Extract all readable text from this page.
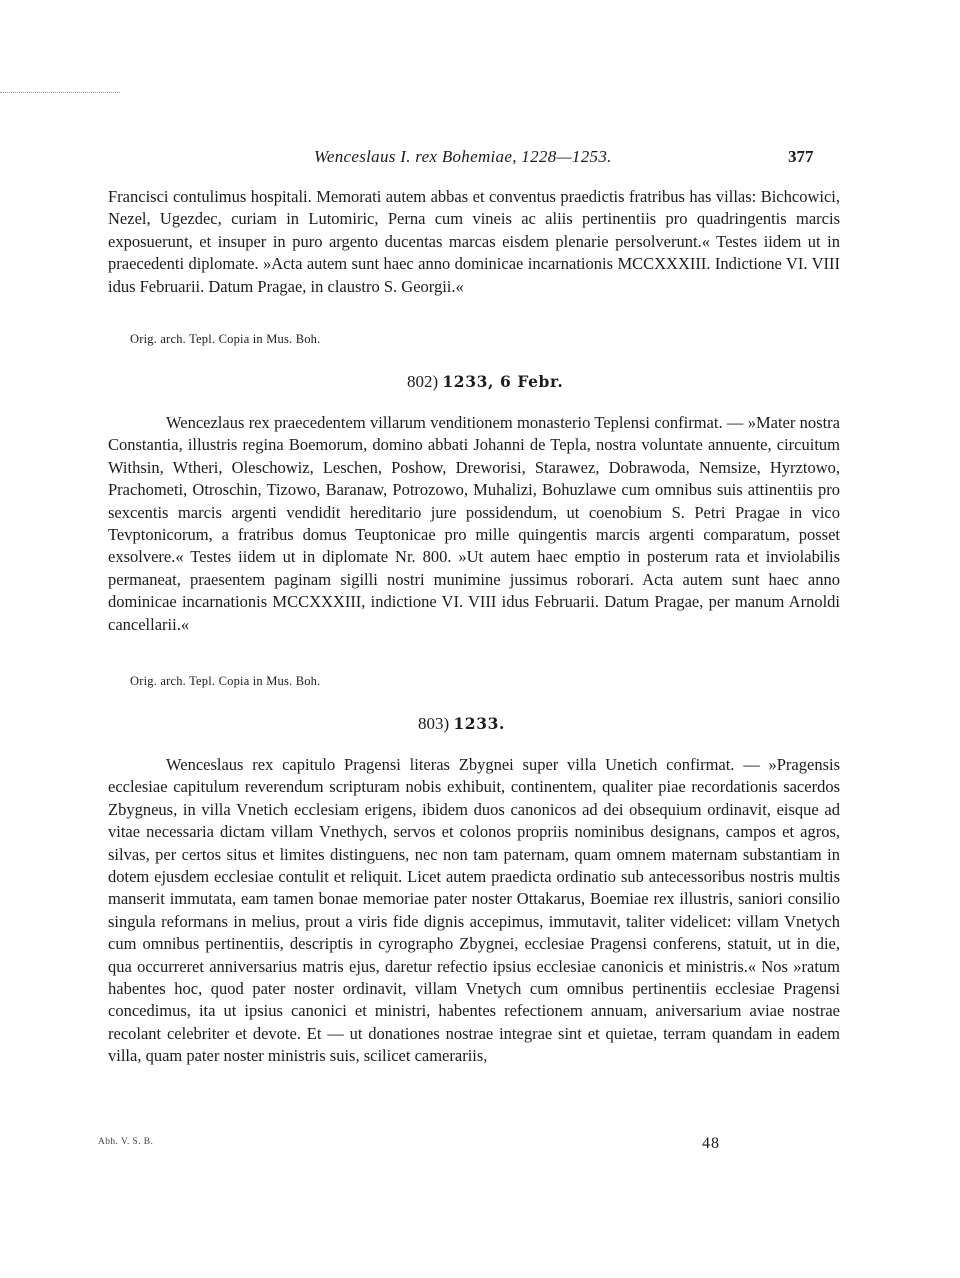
Wenceslaus I. rex Bohemiae, 1228—1253.	377

Francisci contulimus hospitali. Memorati autem abbas et conventus praedictis fratribus has villas: Bichcowici, Nezel, Ugezdec, curiam in Lutomiric, Perna cum vineis ac aliis pertinentiis pro quadringentis marcis exposuerunt, et insuper in puro argento ducentas marcas eisdem plenarie persolverunt.« Testes iidem ut in praecedenti diplomate. »Acta autem sunt haec anno dominicae incarnationis MCCXXXIII. Indictione VI. VIII idus Februarii. Datum Pragae, in claustro S. Georgii.«

Orig. arch. Tepl. Copia in Mus. Boh.
802) 1233, 6 Febr.

Wencezlaus rex praecedentem villarum venditionem monasterio Teplensi confirmat. — »Mater nostra Constantia, illustris regina Boemorum, domino abbati Johanni de Tepla, nostra voluntate annuente, circuitum Withsin, Wtheri, Oleschowiz, Leschen, Poshow, Dreworisi, Starawez, Dobrawoda, Nemsize, Hyrztowo, Prachometi, Otroschin, Tizowo, Baranaw, Potrozowo, Muhalizi, Bohuzlawe cum omnibus suis attinentiis pro sexcentis marcis argenti vendidit hereditario jure possidendum, ut coenobium S. Petri Pragae in vico Tevptonicorum, a fratribus domus Teuptonicae pro mille quingentis marcis argenti comparatum, posset exsolvere.« Testes iidem ut in diplomate Nr. 800. »Ut autem haec emptio in posterum rata et inviolabilis permaneat, praesentem paginam sigilli nostri munimine jussimus roborari. Acta autem sunt haec anno dominicae incarnationis MCCXXXIII, indictione VI. VIII idus Februarii. Datum Pragae, per manum Arnoldi cancellarii.«

Orig. arch. Tepl. Copia in Mus. Boh.
803) 1233.

Wenceslaus rex capitulo Pragensi literas Zbygnei super villa Unetich confirmat. — »Pragensis ecclesiae capitulum reverendum scripturam nobis exhibuit, continentem, qualiter piae recordationis sacerdos Zbygneus, in villa Vnetich ecclesiam erigens, ibidem duos canonicos ad dei obsequium ordinavit, eisque ad vitae necessaria dictam villam Vnethych, servos et colonos propriis nominibus designans, campos et agros, silvas, per certos situs et limites distinguens, nec non tam paternam, quam omnem maternam substantiam in dotem ejusdem ecclesiae contulit et reliquit. Licet autem praedicta ordinatio sub antecessoribus nostris multis manserit immutata, eam tamen bonae memoriae pater noster Ottakarus, Boemiae rex illustris, saniori consilio singula reformans in melius, prout a viris fide dignis accepimus, immutavit, taliter videlicet: villam Vnetych cum omnibus pertinentiis, descriptis in cyrographo Zbygnei, ecclesiae Pragensi conferens, statuit, ut in die, qua occurreret anniversarius matris ejus, daretur refectio ipsius ecclesiae canonicis et ministris.« Nos »ratum habentes hoc, quod pater noster ordinavit, villam Vnetych cum omnibus pertinentiis ecclesiae Pragensi concedimus, ita ut ipsius canonici et ministri, habentes refectionem annuam, aniversarium aviae nostrae recolant celebriter et devote. Et — ut donationes nostrae integrae sint et quietae, terram quandam in eadem villa, quam pater noster ministris suis, scilicet camerariis,

Abh. V. S. B.	48
